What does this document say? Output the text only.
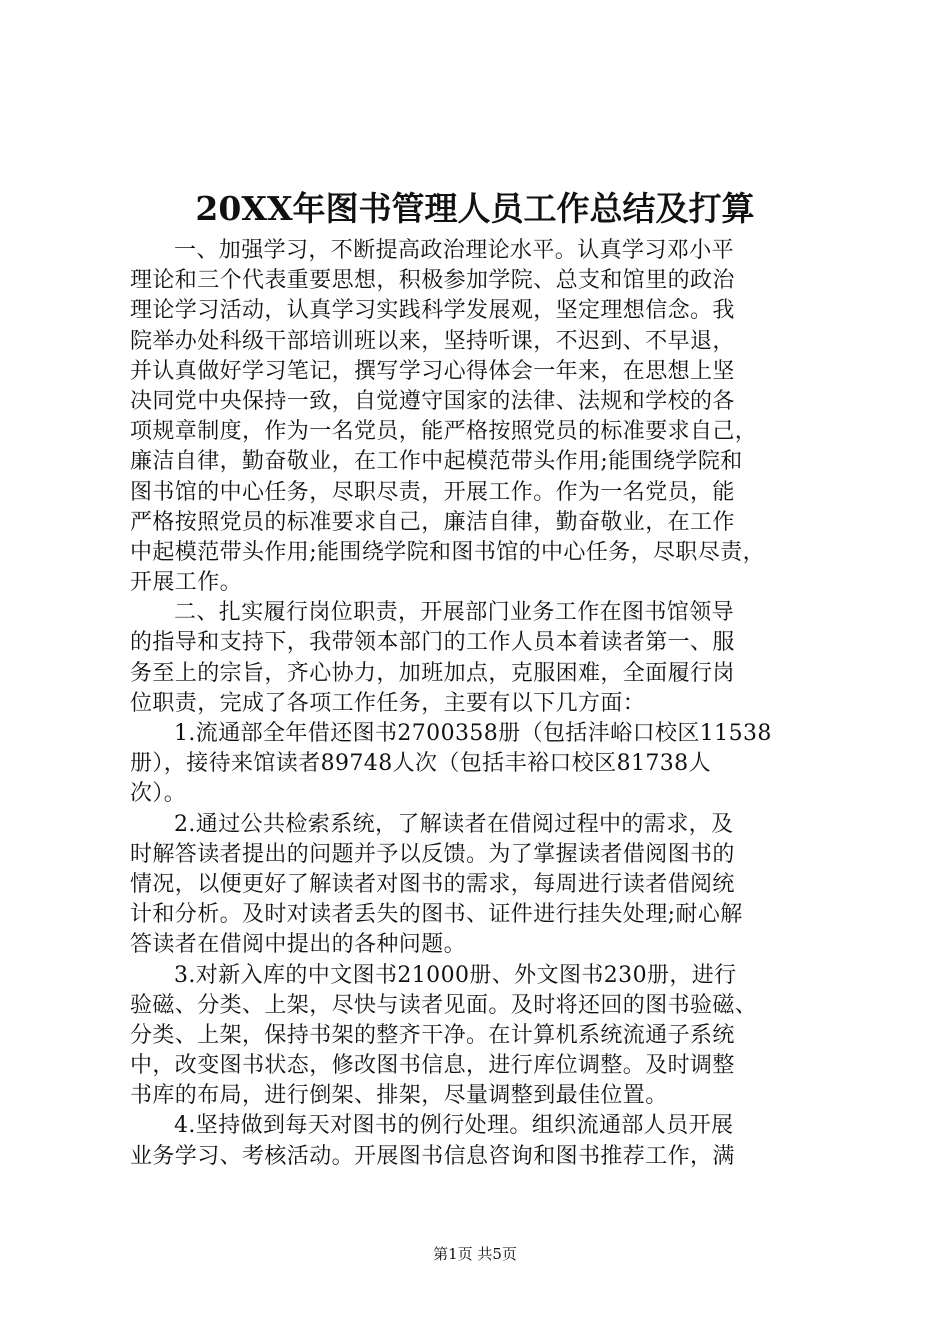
20XX年图书管理人员工作总结及打算
一、加强学习，不断提高政治理论水平。认真学习邓小平
理论和三个代表重要思想，积极参加学院、总支和馆里的政治
理论学习活动，认真学习实践科学发展观，坚定理想信念。我
院举办处科级干部培训班以来，坚持听课，不迟到、不早退，
并认真做好学习笔记，撰写学习心得体会一年来，在思想上坚
决同党中央保持一致，自觉遵守国家的法律、法规和学校的各
项规章制度，作为一名党员，能严格按照党员的标准要求自己，
廉洁自律，勤奋敬业，在工作中起模范带头作用;能围绕学院和
图书馆的中心任务，尽职尽责，开展工作。作为一名党员，能
严格按照党员的标准要求自己，廉洁自律，勤奋敬业，在工作
中起模范带头作用;能围绕学院和图书馆的中心任务，尽职尽责，
开展工作。
二、扎实履行岗位职责，开展部门业务工作在图书馆领导
的指导和支持下，我带领本部门的工作人员本着读者第一、服
务至上的宗旨，齐心协力，加班加点，克服困难，全面履行岗
位职责，完成了各项工作任务，主要有以下几方面：
1.流通部全年借还图书2700358册（包括沣峪口校区11538
册），接待来馆读者89748人次（包括丰裕口校区81738人
次）。
2.通过公共检索系统，了解读者在借阅过程中的需求，及
时解答读者提出的问题并予以反馈。为了掌握读者借阅图书的
情况，以便更好了解读者对图书的需求，每周进行读者借阅统
计和分析。及时对读者丢失的图书、证件进行挂失处理;耐心解
答读者在借阅中提出的各种问题。
3.对新入库的中文图书21000册、外文图书230册，进行
验磁、分类、上架，尽快与读者见面。及时将还回的图书验磁、
分类、上架，保持书架的整齐干净。在计算机系统流通子系统
中，改变图书状态，修改图书信息，进行库位调整。及时调整
书库的布局，进行倒架、排架，尽量调整到最佳位置。
4.坚持做到每天对图书的例行处理。组织流通部人员开展
业务学习、考核活动。开展图书信息咨询和图书推荐工作，满
第1页 共5页
